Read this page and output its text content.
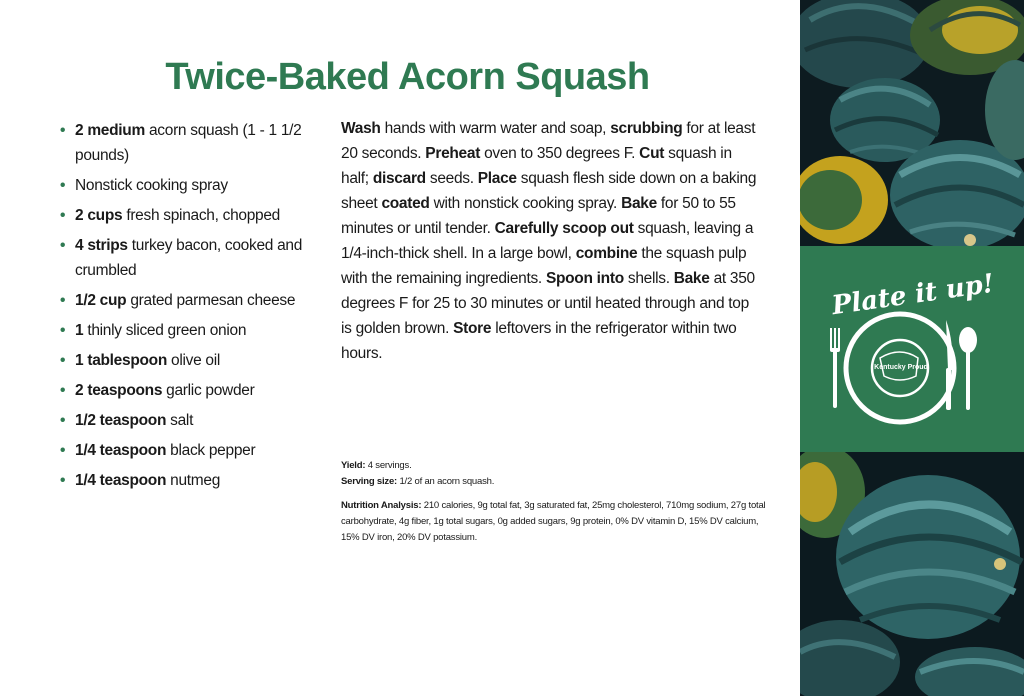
Twice-Baked Acorn Squash
• 2 medium acorn squash (1 - 1 1/2 pounds)
• Nonstick cooking spray
• 2 cups fresh spinach, chopped
• 4 strips turkey bacon, cooked and crumbled
• 1/2 cup grated parmesan cheese
• 1 thinly sliced green onion
• 1 tablespoon olive oil
• 2 teaspoons garlic powder
• 1/2 teaspoon salt
• 1/4 teaspoon black pepper
• 1/4 teaspoon nutmeg

Wash hands with warm water and soap, scrubbing for at least 20 seconds. Preheat oven to 350 degrees F. Cut squash in half; discard seeds. Place squash flesh side down on a baking sheet coated with nonstick cooking spray. Bake for 50 to 55 minutes or until tender. Carefully scoop out squash, leaving a 1/4-inch-thick shell. In a large bowl, combine the squash pulp with the remaining ingredients. Spoon into shells. Bake at 350 degrees F for 25 to 30 minutes or until heated through and top is golden brown. Store leftovers in the refrigerator within two hours.

Yield: 4 servings.

Serving size: 1/2 of an acorn squash.

Nutrition Analysis: 210 calories, 9g total fat, 3g saturated fat, 25mg cholesterol, 710mg sodium, 27g total carbohydrate, 4g fiber, 1g total sugars, 0g added sugars, 9g protein, 0% DV vitamin D, 15% DV calcium, 15% DV iron, 20% DV potassium.

Plate it up!
Kentucky Proud
